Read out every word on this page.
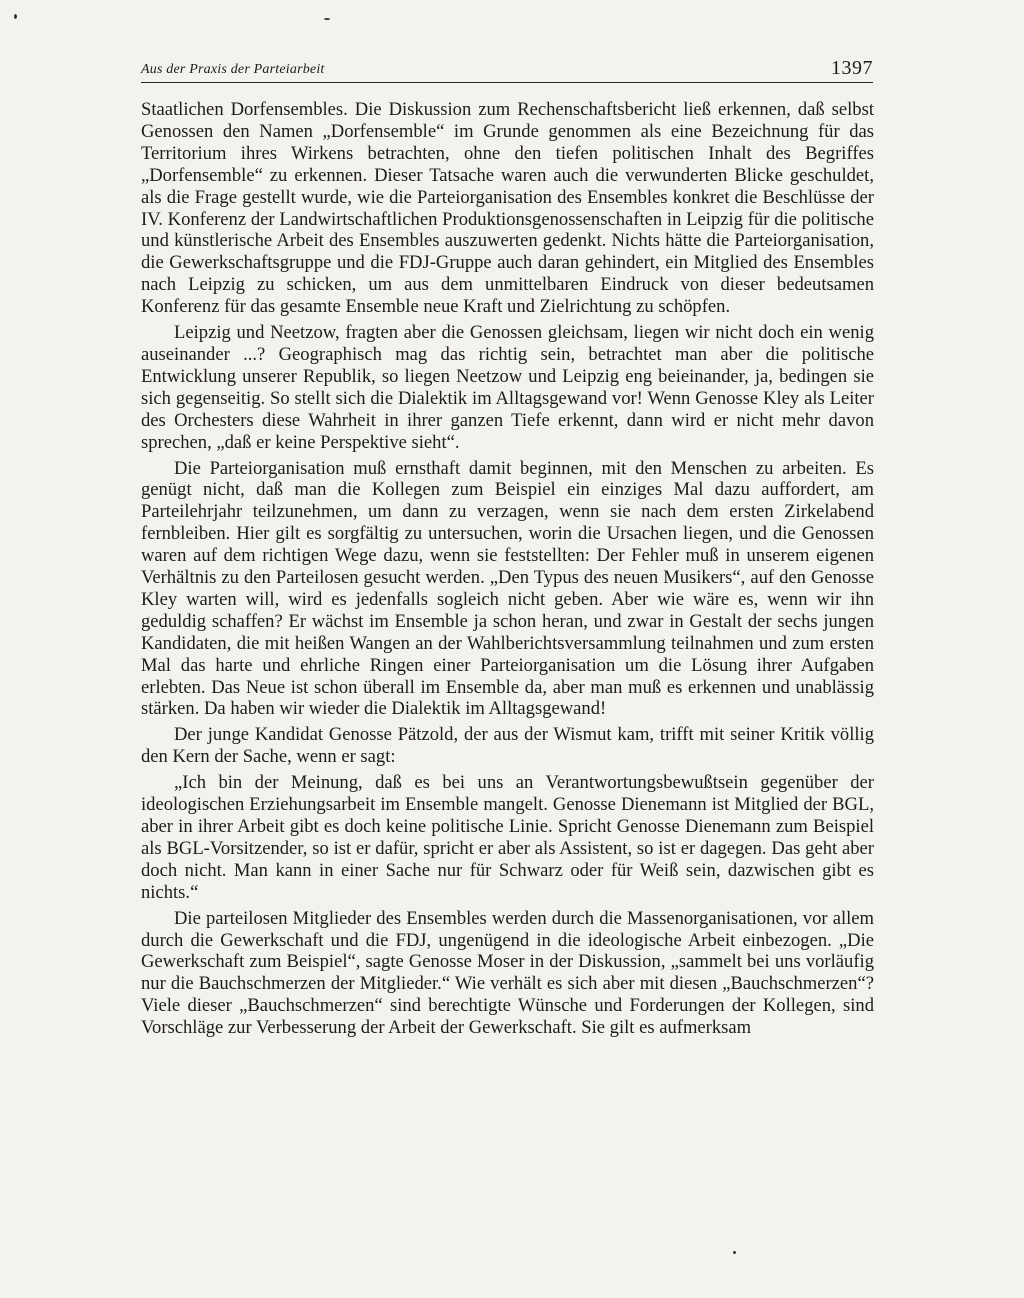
Aus der Praxis der Parteiarbeit	1397

Staatlichen Dorfensembles. Die Diskussion zum Rechenschaftsbericht ließ erkennen, daß selbst Genossen den Namen „Dorfensemble“ im Grunde genommen als eine Bezeichnung für das Territorium ihres Wirkens betrachten, ohne den tiefen politischen Inhalt des Begriffes „Dorfensemble“ zu erkennen. Dieser Tatsache waren auch die verwunderten Blicke geschuldet, als die Frage gestellt wurde, wie die Parteiorganisation des Ensembles konkret die Beschlüsse der IV. Konferenz der Landwirtschaftlichen Produktionsgenossenschaften in Leipzig für die politische und künstlerische Arbeit des Ensembles auszuwerten gedenkt. Nichts hätte die Parteiorganisation, die Gewerkschaftsgruppe und die FDJ-Gruppe auch daran gehindert, ein Mitglied des Ensembles nach Leipzig zu schicken, um aus dem unmittelbaren Eindruck von dieser bedeutsamen Konferenz für das gesamte Ensemble neue Kraft und Zielrichtung zu schöpfen.

Leipzig und Neetzow, fragten aber die Genossen gleichsam, liegen wir nicht doch ein wenig auseinander ...? Geographisch mag das richtig sein, betrachtet man aber die politische Entwicklung unserer Republik, so liegen Neetzow und Leipzig eng beieinander, ja, bedingen sie sich gegenseitig. So stellt sich die Dialektik im Alltagsgewand vor! Wenn Genosse Kley als Leiter des Orchesters diese Wahrheit in ihrer ganzen Tiefe erkennt, dann wird er nicht mehr davon sprechen, „daß er keine Perspektive sieht“.

Die Parteiorganisation muß ernsthaft damit beginnen, mit den Menschen zu arbeiten. Es genügt nicht, daß man die Kollegen zum Beispiel ein einziges Mal dazu auffordert, am Parteilehrjahr teilzunehmen, um dann zu verzagen, wenn sie nach dem ersten Zirkelabend fernbleiben. Hier gilt es sorgfältig zu untersuchen, worin die Ursachen liegen, und die Genossen waren auf dem richtigen Wege dazu, wenn sie feststellten: Der Fehler muß in unserem eigenen Verhältnis zu den Parteilosen gesucht werden. „Den Typus des neuen Musikers“, auf den Genosse Kley warten will, wird es jedenfalls sogleich nicht geben. Aber wie wäre es, wenn wir ihn geduldig schaffen? Er wächst im Ensemble ja schon heran, und zwar in Gestalt der sechs jungen Kandidaten, die mit heißen Wangen an der Wahlberichtsversammlung teilnahmen und zum ersten Mal das harte und ehrliche Ringen einer Parteiorganisation um die Lösung ihrer Aufgaben erlebten. Das Neue ist schon überall im Ensemble da, aber man muß es erkennen und unablässig stärken. Da haben wir wieder die Dialektik im Alltagsgewand!

Der junge Kandidat Genosse Pätzold, der aus der Wismut kam, trifft mit seiner Kritik völlig den Kern der Sache, wenn er sagt:

„Ich bin der Meinung, daß es bei uns an Verantwortungsbewußtsein gegenüber der ideologischen Erziehungsarbeit im Ensemble mangelt. Genosse Dienemann ist Mitglied der BGL, aber in ihrer Arbeit gibt es doch keine politische Linie. Spricht Genosse Dienemann zum Beispiel als BGL-Vorsitzender, so ist er dafür, spricht er aber als Assistent, so ist er dagegen. Das geht aber doch nicht. Man kann in einer Sache nur für Schwarz oder für Weiß sein, dazwischen gibt es nichts.“

Die parteilosen Mitglieder des Ensembles werden durch die Massenorganisationen, vor allem durch die Gewerkschaft und die FDJ, ungenügend in die ideologische Arbeit einbezogen. „Die Gewerkschaft zum Beispiel“, sagte Genosse Moser in der Diskussion, „sammelt bei uns vorläufig nur die Bauchschmerzen der Mitglieder.“ Wie verhält es sich aber mit diesen „Bauchschmerzen“? Viele dieser „Bauchschmerzen“ sind berechtigte Wünsche und Forderungen der Kollegen, sind Vorschläge zur Verbesserung der Arbeit der Gewerkschaft. Sie gilt es aufmerksam
